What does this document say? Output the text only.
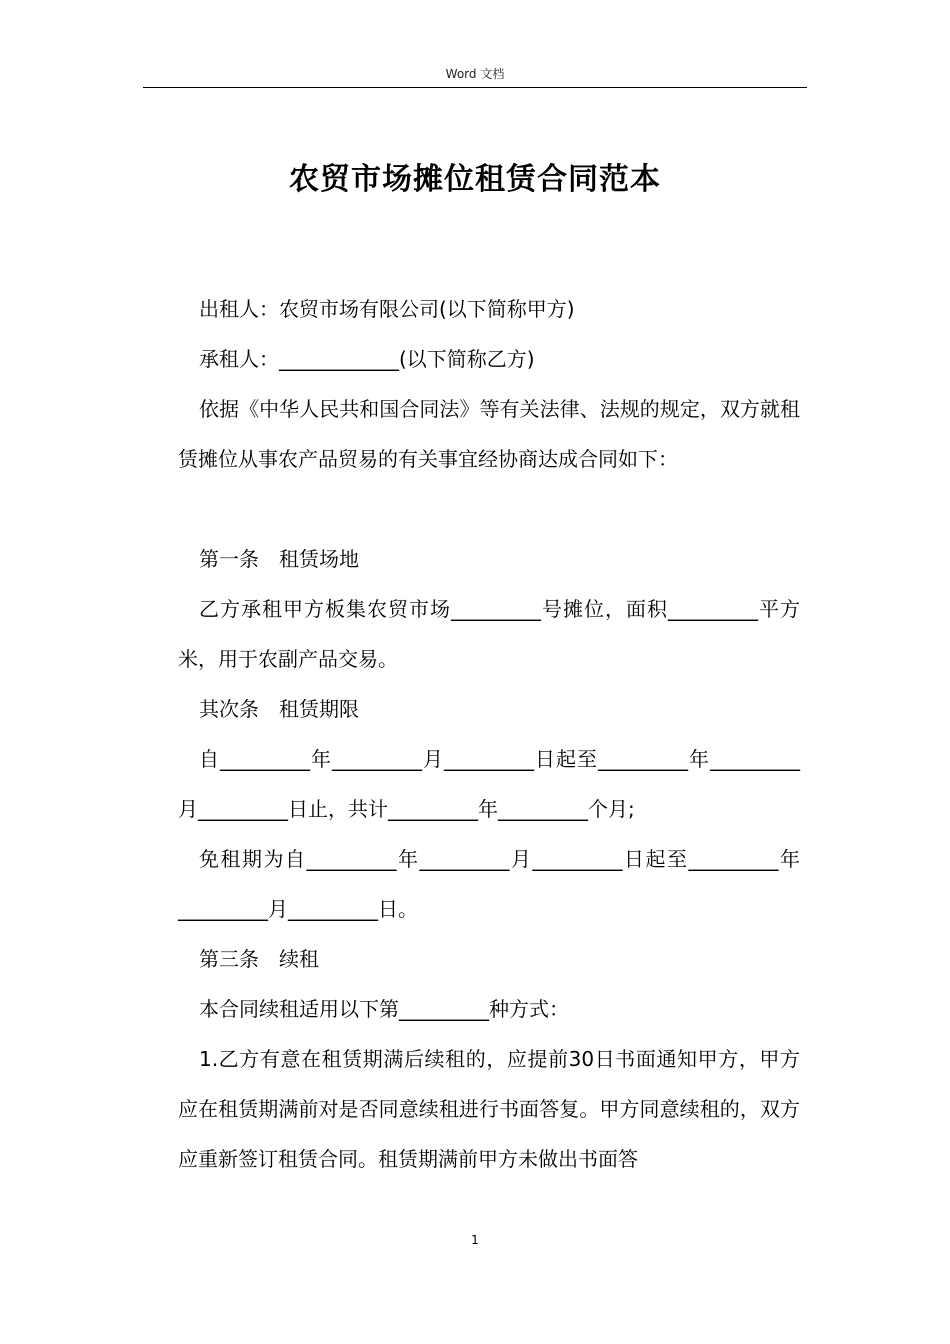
Word 文档
农贸市场摊位租赁合同范本

出租人：农贸市场有限公司(以下简称甲方)

承租人：____________(以下简称乙方)

依据《中华人民共和国合同法》等有关法律、法规的规定，双方就租赁摊位从事农产品贸易的有关事宜经协商达成合同如下：

第一条　租赁场地

乙方承租甲方板集农贸市场_________号摊位，面积_________平方米，用于农副产品交易。

其次条　租赁期限

自_________年_________月_________日起至_________年_________月_________日止，共计_________年_________个月;

免租期为自_________年_________月_________日起至_________年_________月_________日。

第三条　续租

本合同续租适用以下第_________种方式：

1.乙方有意在租赁期满后续租的，应提前30日书面通知甲方，甲方应在租赁期满前对是否同意续租进行书面答复。甲方同意续租的，双方应重新签订租赁合同。租赁期满前甲方未做出书面答

1
